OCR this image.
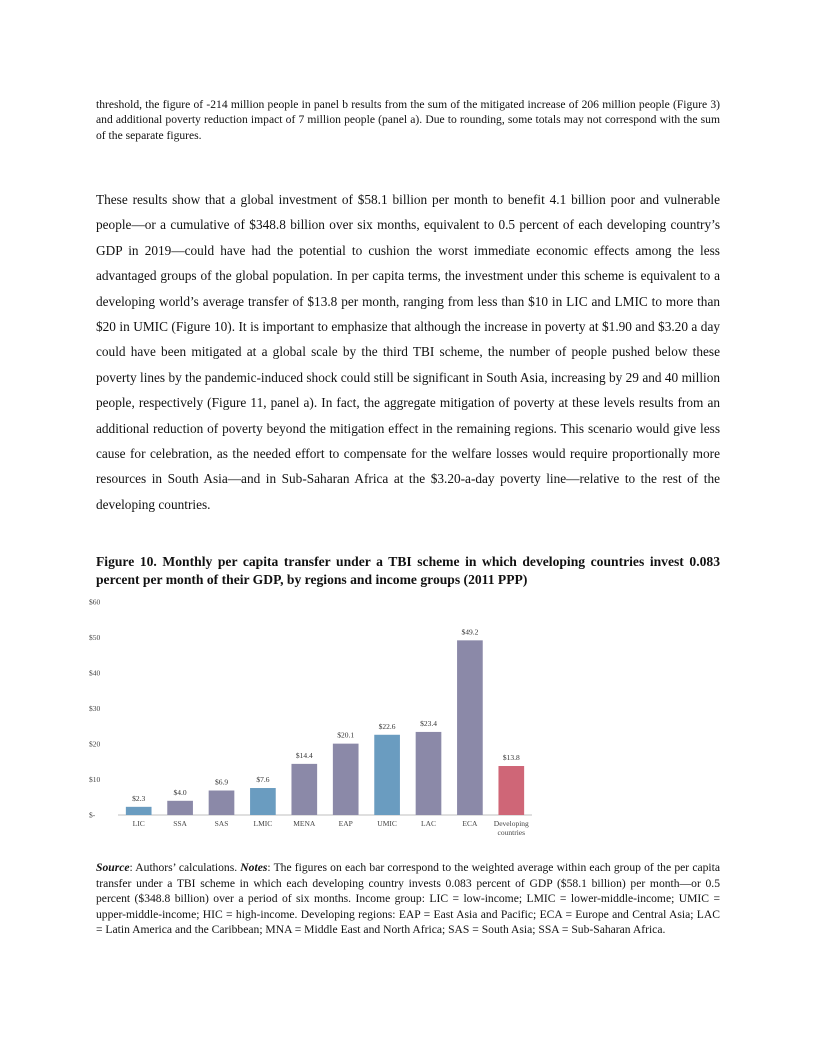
threshold, the figure of -214 million people in panel b results from the sum of the mitigated increase of 206 million people (Figure 3) and additional poverty reduction impact of 7 million people (panel a). Due to rounding, some totals may not correspond with the sum of the separate figures.

These results show that a global investment of $58.1 billion per month to benefit 4.1 billion poor and vulnerable people—or a cumulative of $348.8 billion over six months, equivalent to 0.5 percent of each developing country’s GDP in 2019—could have had the potential to cushion the worst immediate economic effects among the less advantaged groups of the global population. In per capita terms, the investment under this scheme is equivalent to a developing world’s average transfer of $13.8 per month, ranging from less than $10 in LIC and LMIC to more than $20 in UMIC (Figure 10). It is important to emphasize that although the increase in poverty at $1.90 and $3.20 a day could have been mitigated at a global scale by the third TBI scheme, the number of people pushed below these poverty lines by the pandemic-induced shock could still be significant in South Asia, increasing by 29 and 40 million people, respectively (Figure 11, panel a). In fact, the aggregate mitigation of poverty at these levels results from an additional reduction of poverty beyond the mitigation effect in the remaining regions. This scenario would give less cause for celebration, as the needed effort to compensate for the welfare losses would require proportionally more resources in South Asia—and in Sub-Saharan Africa at the $3.20-a-day poverty line—relative to the rest of the developing countries.

Figure 10. Monthly per capita transfer under a TBI scheme in which developing countries invest 0.083 percent per month of their GDP, by regions and income groups (2011 PPP)

$-
$10
$20
$30
$40
$50
$60
$2.3
LIC
$4.0
SSA
$6.9
SAS
$7.6
LMIC
$14.4
MENA
$20.1
EAP
$22.6
UMIC
$23.4
LAC
$49.2
ECA
$13.8
Developing countries

Source: Authors’ calculations. Notes: The figures on each bar correspond to the weighted average within each group of the per capita transfer under a TBI scheme in which each developing country invests 0.083 percent of GDP ($58.1 billion) per month—or 0.5 percent ($348.8 billion) over a period of six months. Income group: LIC = low-income; LMIC = lower-middle-income; UMIC = upper-middle-income; HIC = high-income. Developing regions: EAP = East Asia and Pacific; ECA = Europe and Central Asia; LAC = Latin America and the Caribbean; MNA = Middle East and North Africa; SAS = South Asia; SSA = Sub-Saharan Africa.
